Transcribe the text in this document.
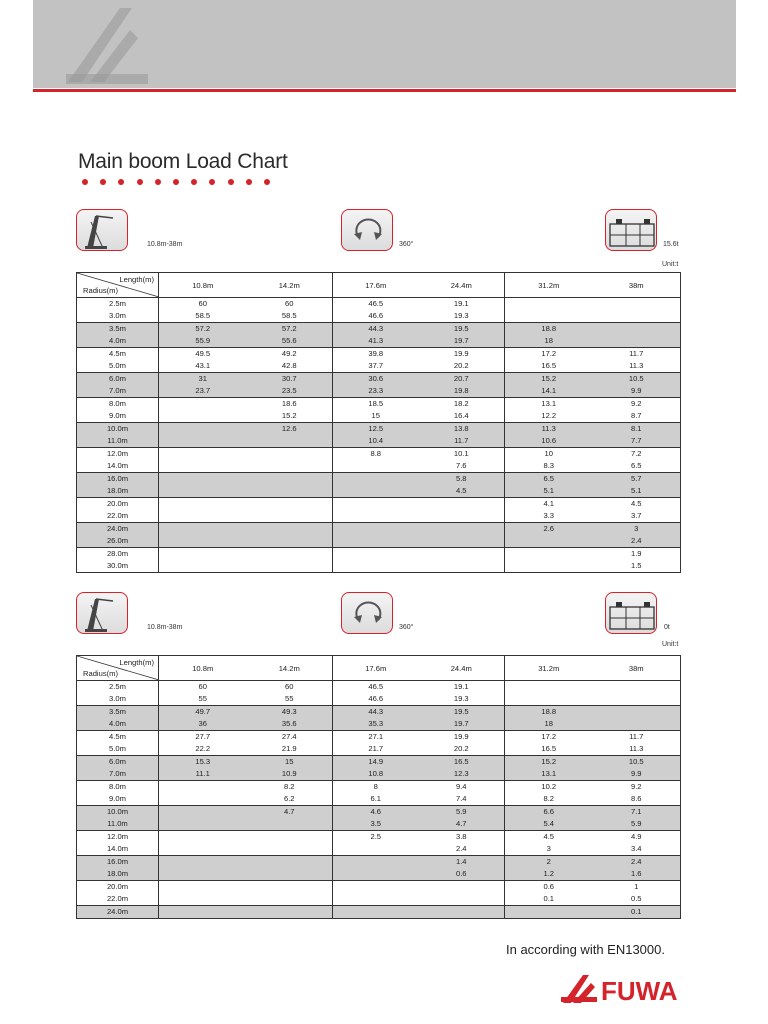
Main boom Load Chart
10.8m-38m	360°	15.6t
Unit:t
Length(m)
Radius(m)	10.8m	14.2m	17.6m	24.4m	31.2m	38m
2.5m	60	60	46.5	19.1		
3.0m	58.5	58.5	46.6	19.3		
3.5m	57.2	57.2	44.3	19.5	18.8	
4.0m	55.9	55.6	41.3	19.7	18	
4.5m	49.5	49.2	39.8	19.9	17.2	11.7
5.0m	43.1	42.8	37.7	20.2	16.5	11.3
6.0m	31	30.7	30.6	20.7	15.2	10.5
7.0m	23.7	23.5	23.3	19.8	14.1	9.9
8.0m		18.6	18.5	18.2	13.1	9.2
9.0m		15.2	15	16.4	12.2	8.7
10.0m		12.6	12.5	13.8	11.3	8.1
11.0m			10.4	11.7	10.6	7.7
12.0m			8.8	10.1	10	7.2
14.0m				7.6	8.3	6.5
16.0m				5.8	6.5	5.7
18.0m				4.5	5.1	5.1
20.0m					4.1	4.5
22.0m					3.3	3.7
24.0m					2.6	3
26.0m						2.4
28.0m						1.9
30.0m						1.5
10.8m-38m	360°	0t
Unit:t
Length(m)
Radius(m)	10.8m	14.2m	17.6m	24.4m	31.2m	38m
2.5m	60	60	46.5	19.1		
3.0m	55	55	46.6	19.3		
3.5m	49.7	49.3	44.3	19.5	18.8	
4.0m	36	35.6	35.3	19.7	18	
4.5m	27.7	27.4	27.1	19.9	17.2	11.7
5.0m	22.2	21.9	21.7	20.2	16.5	11.3
6.0m	15.3	15	14.9	16.5	15.2	10.5
7.0m	11.1	10.9	10.8	12.3	13.1	9.9
8.0m		8.2	8	9.4	10.2	9.2
9.0m		6.2	6.1	7.4	8.2	8.6
10.0m		4.7	4.6	5.9	6.6	7.1
11.0m			3.5	4.7	5.4	5.9
12.0m			2.5	3.8	4.5	4.9
14.0m				2.4	3	3.4
16.0m				1.4	2	2.4
18.0m				0.6	1.2	1.6
20.0m					0.6	1
22.0m					0.1	0.5
24.0m						0.1
In according with EN13000.
FUWA
